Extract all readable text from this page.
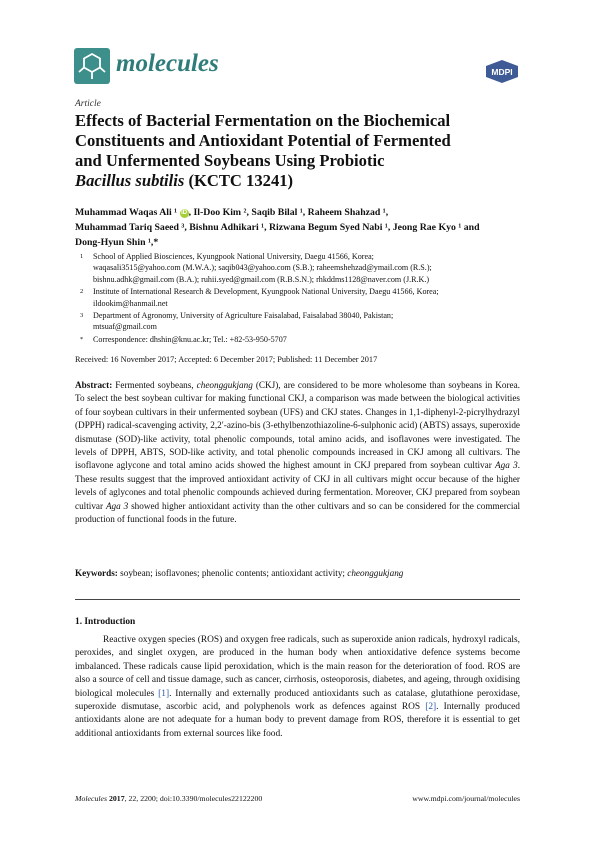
molecules	MDPI
Article
Effects of Bacterial Fermentation on the Biochemical
Constituents and Antioxidant Potential of Fermented
and Unfermented Soybeans Using Probiotic
Bacillus subtilis (KCTC 13241)
Muhammad Waqas Ali ¹ iD , Il-Doo Kim ², Saqib Bilal ¹, Raheem Shahzad ¹,
Muhammad Tariq Saeed ³, Bishnu Adhikari ¹, Rizwana Begum Syed Nabi ¹, Jeong Rae Kyo ¹ and
Dong-Hyun Shin ¹,*
1	School of Applied Biosciences, Kyungpook National University, Daegu 41566, Korea;
waqasali3515@yahoo.com (M.W.A.); saqib043@yahoo.com (S.B.); raheemshehzad@ymail.com (R.S.);
bishnu.adhk@gmail.com (B.A.); ruhii.syed@gmail.com (R.B.S.N.); rhkddms1128@naver.com (J.R.K.)
2	Institute of International Research & Development, Kyungpook National University, Daegu 41566, Korea;
ildookim@hanmail.net
3	Department of Agronomy, University of Agriculture Faisalabad, Faisalabad 38040, Pakistan;
mtsuaf@gmail.com
*	Correspondence: dhshin@knu.ac.kr; Tel.: +82-53-950-5707
Received: 16 November 2017; Accepted: 6 December 2017; Published: 11 December 2017
Abstract: Fermented soybeans, cheonggukjang (CKJ), are considered to be more wholesome than soybeans in Korea. To select the best soybean cultivar for making functional CKJ, a comparison was made between the biological activities of four soybean cultivars in their unfermented soybean (UFS) and CKJ states. Changes in 1,1-diphenyl-2-picrylhydrazyl (DPPH) radical-scavenging activity, 2,2′-azino-bis (3-ethylbenzothiazoline-6-sulphonic acid) (ABTS) assays, superoxide dismutase (SOD)-like activity, total phenolic compounds, total amino acids, and isoflavones were investigated. The levels of DPPH, ABTS, SOD-like activity, and total phenolic compounds increased in CKJ among all cultivars. The isoflavone aglycone and total amino acids showed the highest amount in CKJ prepared from soybean cultivar Aga 3. These results suggest that the improved antioxidant activity of CKJ in all cultivars might occur because of the higher levels of aglycones and total phenolic compounds achieved during fermentation. Moreover, CKJ prepared from soybean cultivar Aga 3 showed higher antioxidant activity than the other cultivars and so can be considered for the commercial production of functional foods in the future.
Keywords: soybean; isoflavones; phenolic contents; antioxidant activity; cheonggukjang
1. Introduction
Reactive oxygen species (ROS) and oxygen free radicals, such as superoxide anion radicals, hydroxyl radicals, peroxides, and singlet oxygen, are produced in the human body when antioxidative defence systems become imbalanced. These radicals cause lipid peroxidation, which is the main reason for the deterioration of food. ROS are also a source of cell and tissue damage, such as cancer, cirrhosis, osteoporosis, diabetes, and ageing, through oxidising biological molecules [1]. Internally and externally produced antioxidants such as catalase, glutathione peroxidase, superoxide dismutase, ascorbic acid, and polyphenols work as defences against ROS [2]. Internally produced antioxidants alone are not adequate for a human body to prevent damage from ROS, therefore it is essential to get additional antioxidants from external sources like food.
Molecules 2017, 22, 2200; doi:10.3390/molecules22122200	www.mdpi.com/journal/molecules
